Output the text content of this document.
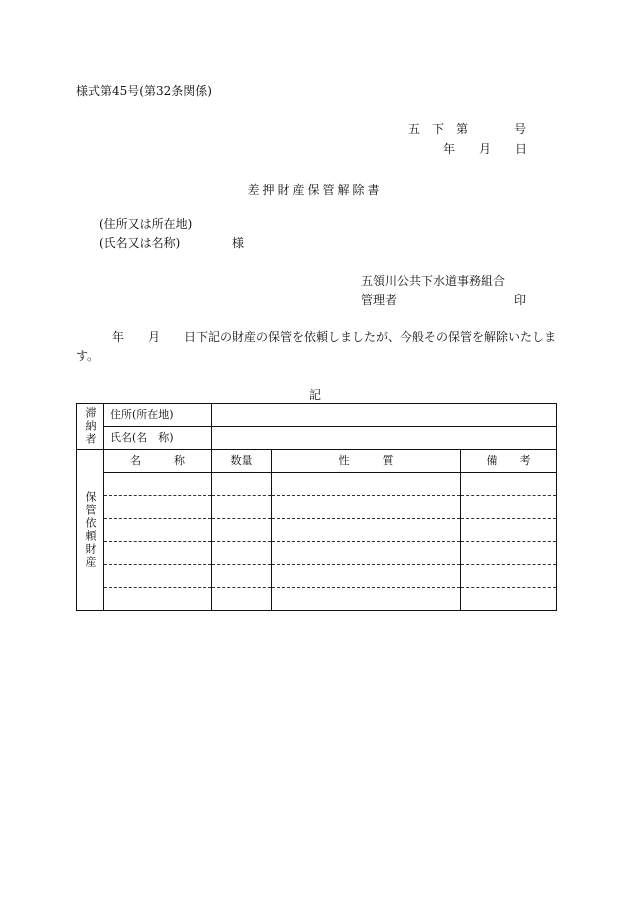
様式第45号(第32条関係)
五 下 第	号
年 月 日
差押財産保管解除書
(住所又は所在地)
(氏名又は名称)	様
五領川公共下水道事務組合
管理者	印
年 月 日下記の財産の保管を依頼しましたが、今般その保管を解除いたしま
す。
記
滞納者	住所(所在地)			
	氏名(名　称)			

保管依頼財産	名　　　称	数量	性　　　質	備　　考
